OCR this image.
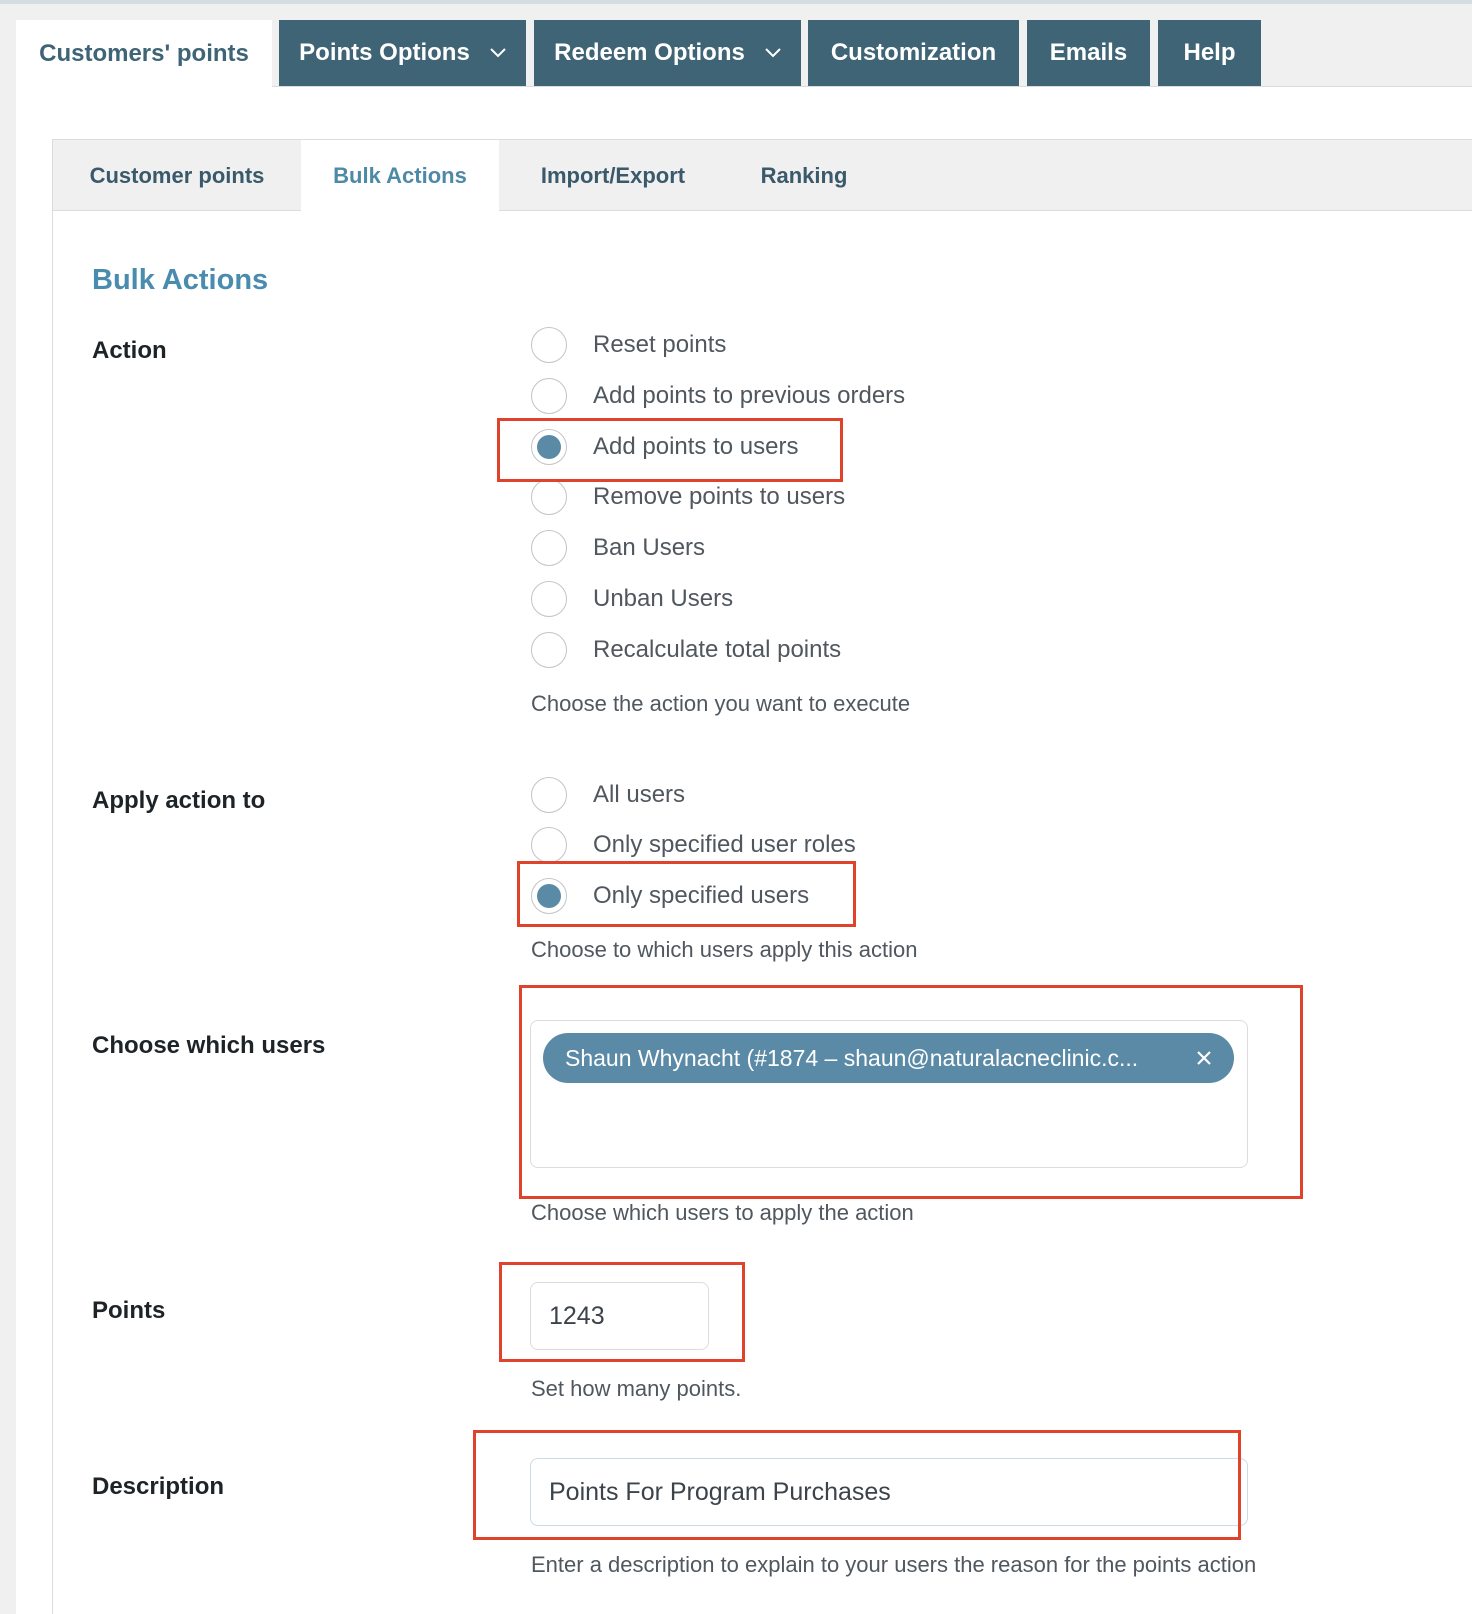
Customers' points Points Options	Redeem Options	Customization Emails Help
Customer points	Bulk Actions	Import/Export	Ranking
Bulk Actions
Action	Reset points
Add points to previous orders
Add points to users
Remove points to users
Ban Users
Unban Users
Recalculate total points
Choose the action you want to execute
Apply action to	All users
Only specified user roles
Only specified users
Choose to which users apply this action
Choose which users	Shaun Whynacht (#1874 – shaun@naturalacneclinic.c...
Choose which users to apply the action
Points	1243
Set how many points.
Description	Points For Program Purchases
Enter a description to explain to your users the reason for the points action
